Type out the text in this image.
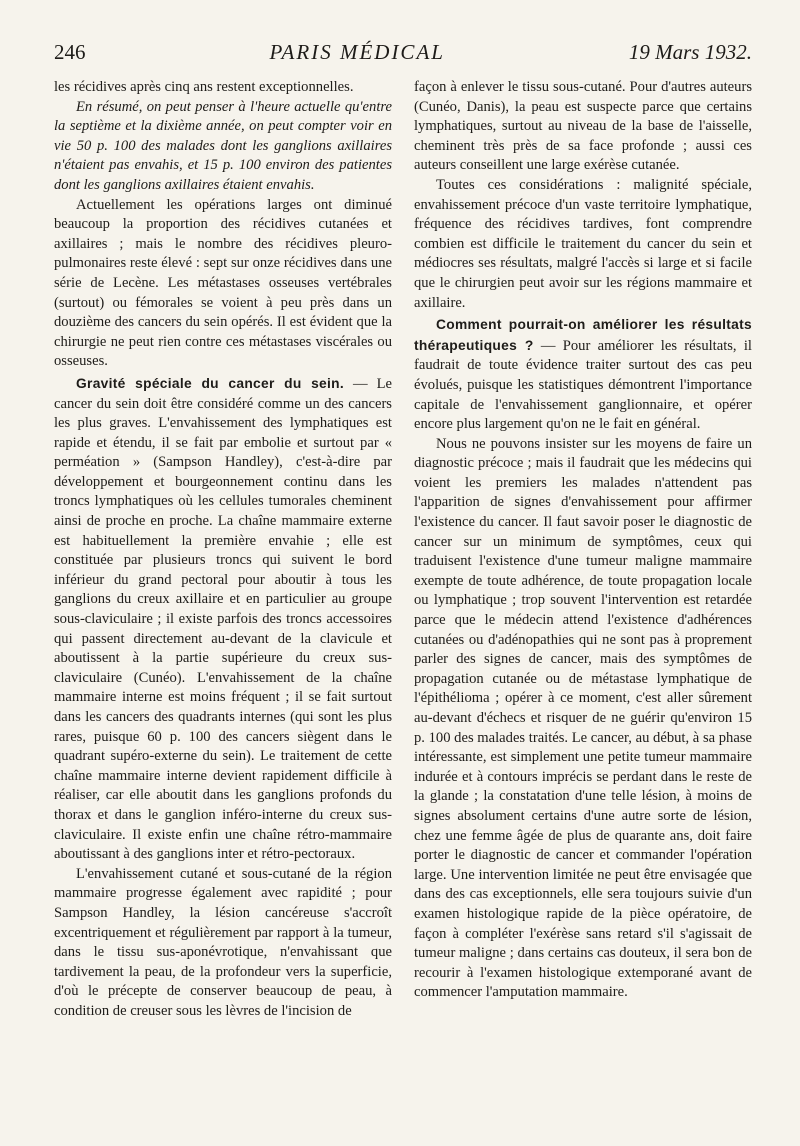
246	PARIS MÉDICAL	19 Mars 1932.

les récidives après cinq ans restent exceptionnelles.

En résumé, on peut penser à l'heure actuelle qu'entre la septième et la dixième année, on peut compter voir en vie 50 p. 100 des malades dont les ganglions axillaires n'étaient pas envahis, et 15 p. 100 environ des patientes dont les ganglions axillaires étaient envahis.

Actuellement les opérations larges ont diminué beaucoup la proportion des récidives cutanées et axillaires ; mais le nombre des récidives pleuro-pulmonaires reste élevé : sept sur onze récidives dans une série de Lecène. Les métastases osseuses vertébrales (surtout) ou fémorales se voient à peu près dans un douzième des cancers du sein opérés. Il est évident que la chirurgie ne peut rien contre ces métastases viscérales ou osseuses.

Gravité spéciale du cancer du sein. — Le cancer du sein doit être considéré comme un des cancers les plus graves. L'envahissement des lymphatiques est rapide et étendu, il se fait par embolie et surtout par « perméation » (Sampson Handley), c'est-à-dire par développement et bourgeonnement continu dans les troncs lymphatiques où les cellules tumorales cheminent ainsi de proche en proche. La chaîne mammaire externe est habituellement la première envahie ; elle est constituée par plusieurs troncs qui suivent le bord inférieur du grand pectoral pour aboutir à tous les ganglions du creux axillaire et en particulier au groupe sous-claviculaire ; il existe parfois des troncs accessoires qui passent directement au-devant de la clavicule et aboutissent à la partie supérieure du creux sus-claviculaire (Cunéo). L'envahissement de la chaîne mammaire interne est moins fréquent ; il se fait surtout dans les cancers des quadrants internes (qui sont les plus rares, puisque 60 p. 100 des cancers siègent dans le quadrant supéro-externe du sein). Le traitement de cette chaîne mammaire interne devient rapidement difficile à réaliser, car elle aboutit dans les ganglions profonds du thorax et dans le ganglion inféro-interne du creux sus-claviculaire. Il existe enfin une chaîne rétro-mammaire aboutissant à des ganglions inter et rétro-pectoraux.

L'envahissement cutané et sous-cutané de la région mammaire progresse également avec rapidité ; pour Sampson Handley, la lésion cancéreuse s'accroît excentriquement et régulièrement par rapport à la tumeur, dans le tissu sus-aponévrotique, n'envahissant que tardivement la peau, de la profondeur vers la superficie, d'où le précepte de conserver beaucoup de peau, à condition de creuser sous les lèvres de l'incision de

façon à enlever le tissu sous-cutané. Pour d'autres auteurs (Cunéo, Danis), la peau est suspecte parce que certains lymphatiques, surtout au niveau de la base de l'aisselle, cheminent très près de sa face profonde ; aussi ces auteurs conseillent une large exérèse cutanée.

Toutes ces considérations : malignité spéciale, envahissement précoce d'un vaste territoire lymphatique, fréquence des récidives tardives, font comprendre combien est difficile le traitement du cancer du sein et médiocres ses résultats, malgré l'accès si large et si facile que le chirurgien peut avoir sur les régions mammaire et axillaire.

Comment pourrait-on améliorer les résultats thérapeutiques ? — Pour améliorer les résultats, il faudrait de toute évidence traiter surtout des cas peu évolués, puisque les statistiques démontrent l'importance capitale de l'envahissement ganglionnaire, et opérer encore plus largement qu'on ne le fait en général.

Nous ne pouvons insister sur les moyens de faire un diagnostic précoce ; mais il faudrait que les médecins qui voient les premiers les malades n'attendent pas l'apparition de signes d'envahissement pour affirmer l'existence du cancer. Il faut savoir poser le diagnostic de cancer sur un minimum de symptômes, ceux qui traduisent l'existence d'une tumeur maligne mammaire exempte de toute adhérence, de toute propagation locale ou lymphatique ; trop souvent l'intervention est retardée parce que le médecin attend l'existence d'adhérences cutanées ou d'adénopathies qui ne sont pas à proprement parler des signes de cancer, mais des symptômes de propagation cutanée ou de métastase lymphatique de l'épithélioma ; opérer à ce moment, c'est aller sûrement au-devant d'échecs et risquer de ne guérir qu'environ 15 p. 100 des malades traités. Le cancer, au début, à sa phase intéressante, est simplement une petite tumeur mammaire indurée et à contours imprécis se perdant dans le reste de la glande ; la constatation d'une telle lésion, à moins de signes absolument certains d'une autre sorte de lésion, chez une femme âgée de plus de quarante ans, doit faire porter le diagnostic de cancer et commander l'opération large. Une intervention limitée ne peut être envisagée que dans des cas exceptionnels, elle sera toujours suivie d'un examen histologique rapide de la pièce opératoire, de façon à compléter l'exérèse sans retard s'il s'agissait de tumeur maligne ; dans certains cas douteux, il sera bon de recourir à l'examen histologique extemporané avant de commencer l'amputation mammaire.
